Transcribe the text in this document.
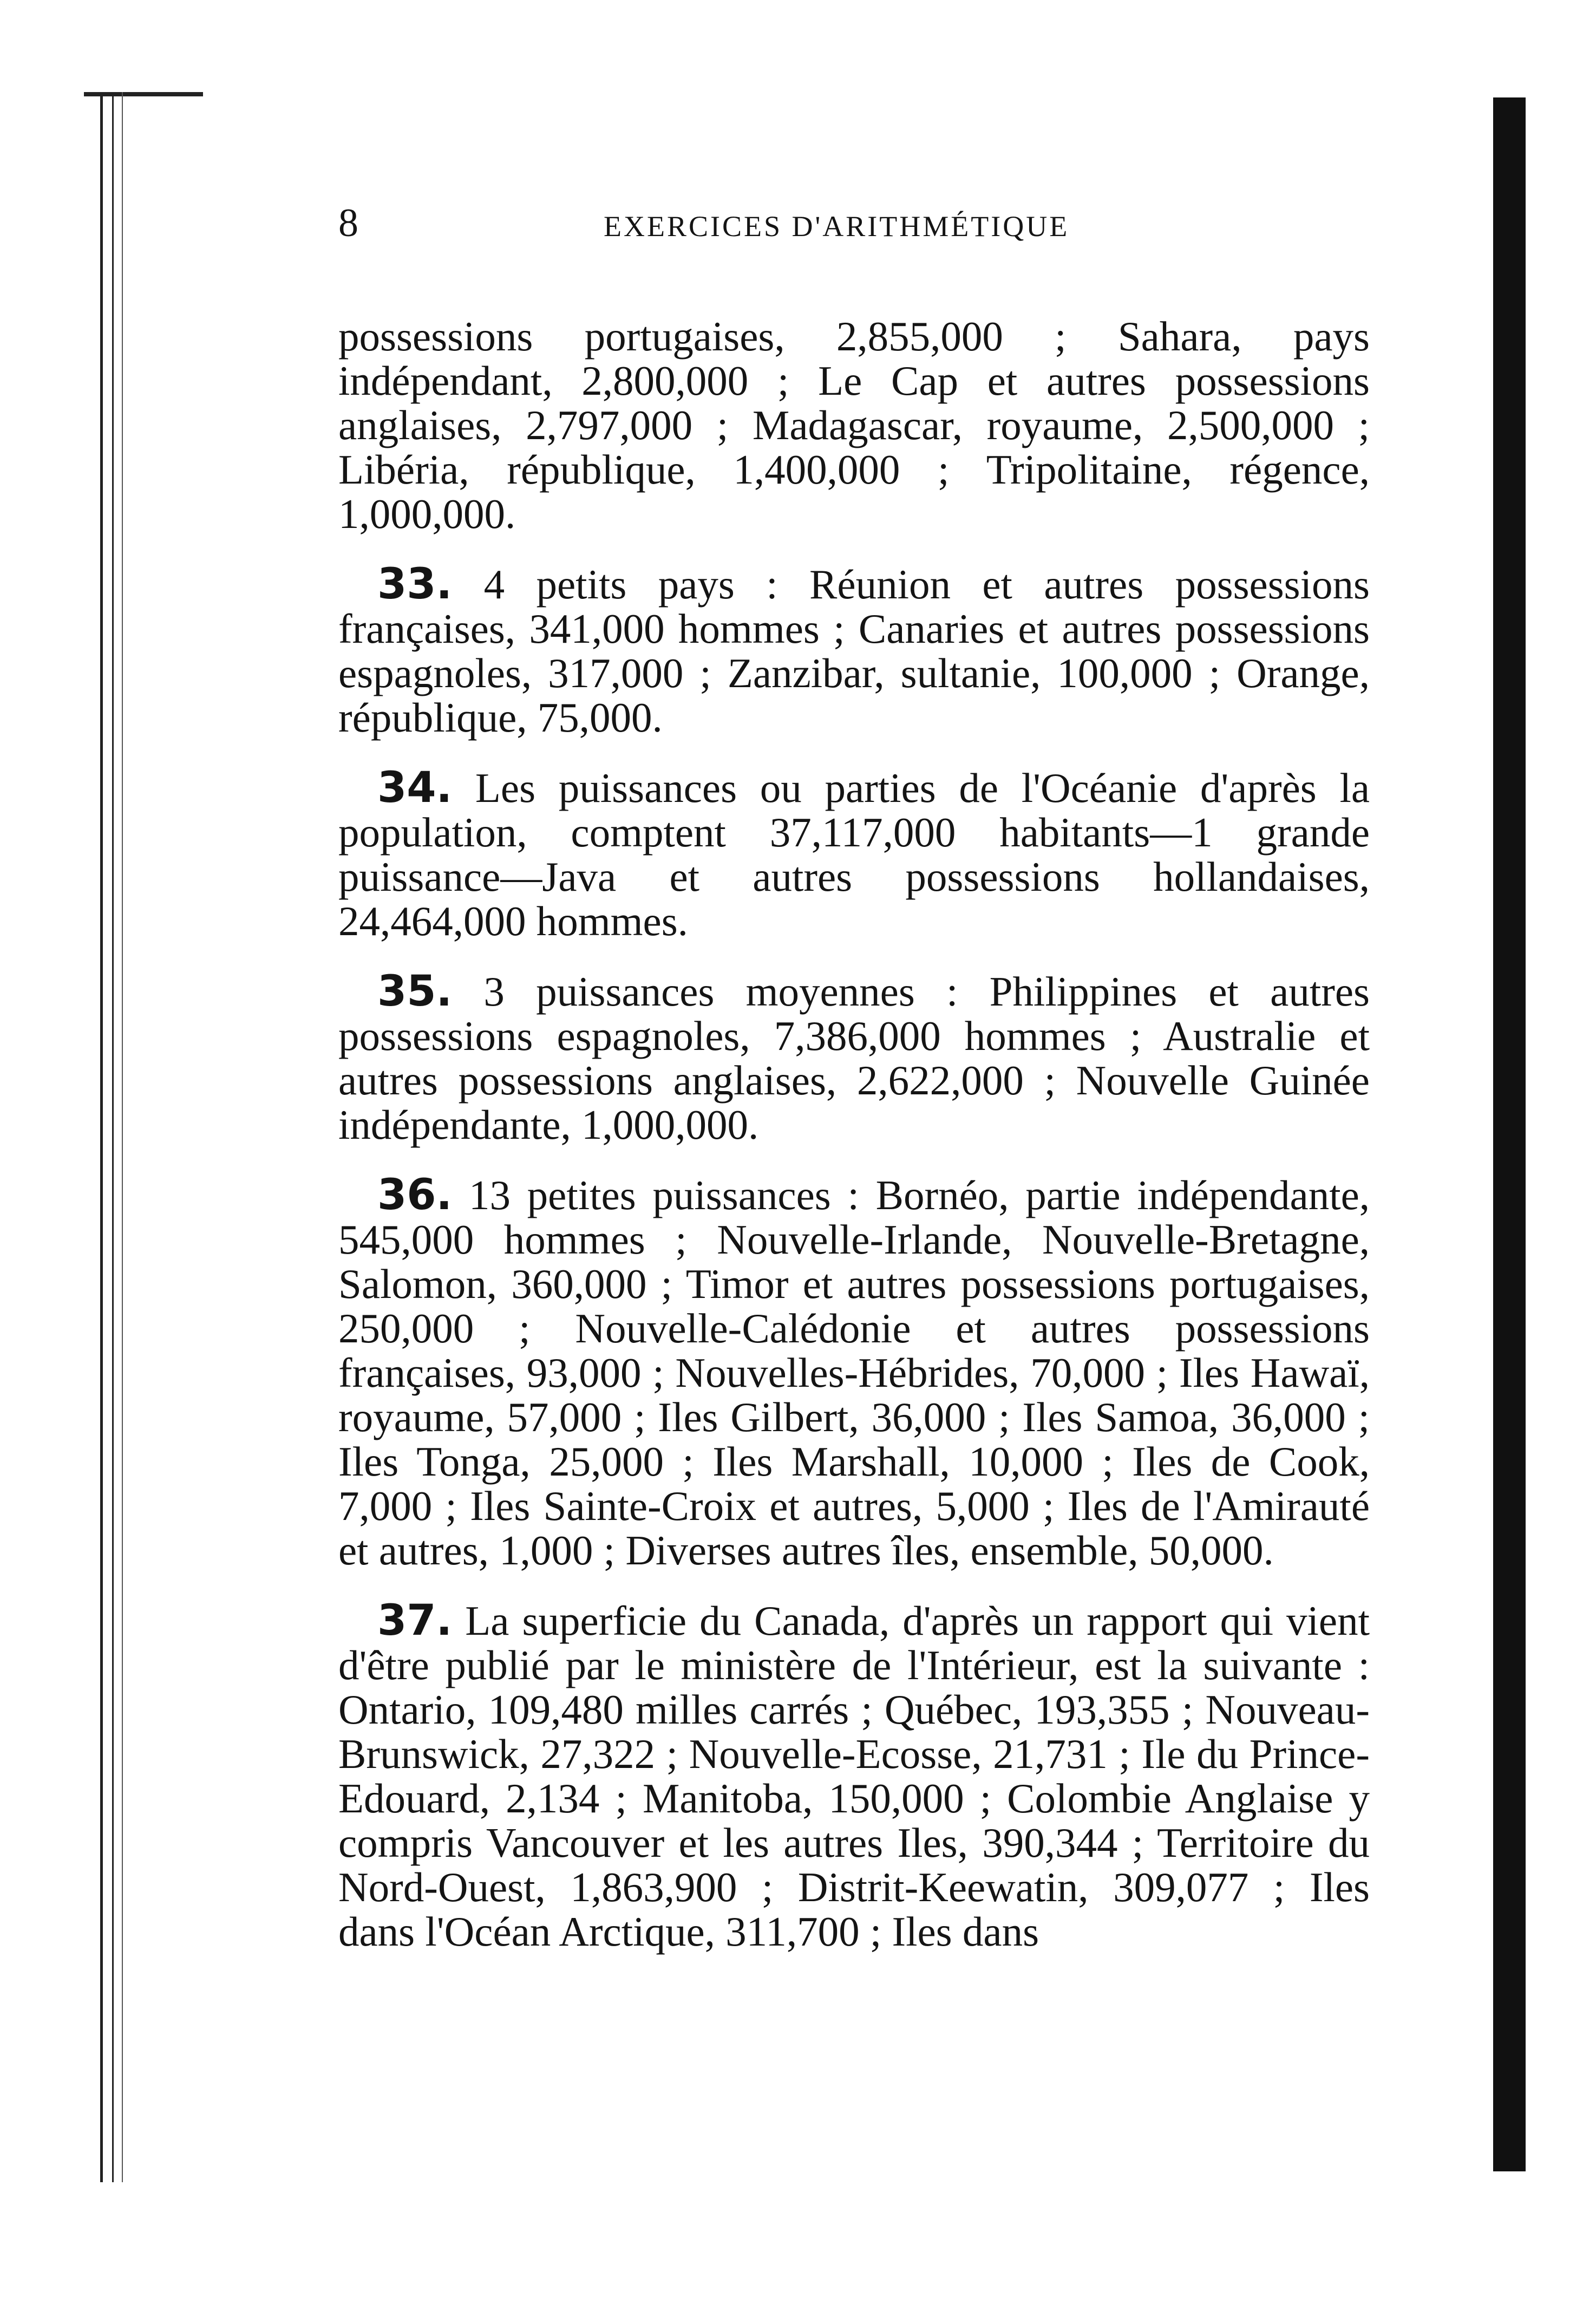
8	EXERCICES D'ARITHMÉTIQUE

possessions portugaises, 2,855,000 ; Sahara, pays indépendant, 2,800,000 ; Le Cap et autres possessions anglaises, 2,797,000 ; Madagascar, royaume, 2,500,000 ; Libéria, république, 1,400,000 ; Tripolitaine, régence, 1,000,000.

33. 4 petits pays : Réunion et autres possessions françaises, 341,000 hommes ; Canaries et autres possessions espagnoles, 317,000 ; Zanzibar, sultanie, 100,000 ; Orange, république, 75,000.

34. Les puissances ou parties de l'Océanie d'après la population, comptent 37,117,000 habitants—1 grande puissance—Java et autres possessions hollandaises, 24,464,000 hommes.

35. 3 puissances moyennes : Philippines et autres possessions espagnoles, 7,386,000 hommes ; Australie et autres possessions anglaises, 2,622,000 ; Nouvelle Guinée indépendante, 1,000,000.

36. 13 petites puissances : Bornéo, partie indépendante, 545,000 hommes ; Nouvelle-Irlande, Nouvelle-Bretagne, Salomon, 360,000 ; Timor et autres possessions portugaises, 250,000 ; Nouvelle-Calédonie et autres possessions françaises, 93,000 ; Nouvelles-Hébrides, 70,000 ; Iles Hawaï, royaume, 57,000 ; Iles Gilbert, 36,000 ; Iles Samoa, 36,000 ; Iles Tonga, 25,000 ; Iles Marshall, 10,000 ; Iles de Cook, 7,000 ; Iles Sainte-Croix et autres, 5,000 ; Iles de l'Amirauté et autres, 1,000 ; Diverses autres îles, ensemble, 50,000.

37. La superficie du Canada, d'après un rapport qui vient d'être publié par le ministère de l'Intérieur, est la suivante : Ontario, 109,480 milles carrés ; Québec, 193,355 ; Nouveau-Brunswick, 27,322 ; Nouvelle-Ecosse, 21,731 ; Ile du Prince-Edouard, 2,134 ; Manitoba, 150,000 ; Colombie Anglaise y compris Vancouver et les autres Iles, 390,344 ; Territoire du Nord-Ouest, 1,863,900 ; Distrit-Keewatin, 309,077 ; Iles dans l'Océan Arctique, 311,700 ; Iles dans
